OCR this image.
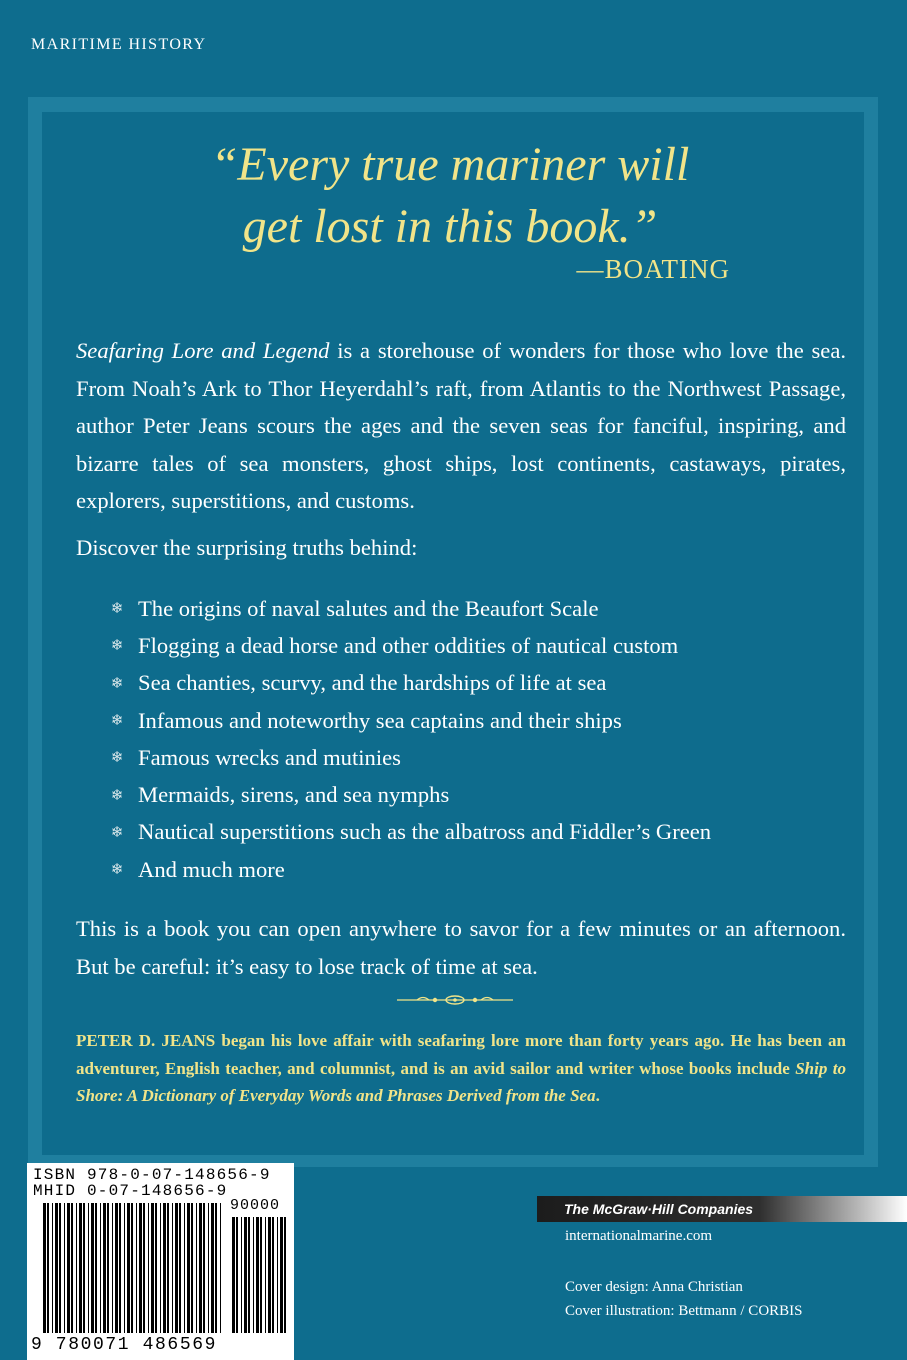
MARITIME HISTORY
“Every true mariner will
get lost in this book.”
—BOATING
Seafaring Lore and Legend is a storehouse of wonders for those who love the sea. From Noah’s Ark to Thor Heyerdahl’s raft, from Atlantis to the Northwest Passage, author Peter Jeans scours the ages and the seven seas for fanciful, inspiring, and bizarre tales of sea monsters, ghost ships, lost continents, castaways, pirates, explorers, superstitions, and customs.
Discover the surprising truths behind:
❄ The origins of naval salutes and the Beaufort Scale
❄ Flogging a dead horse and other oddities of nautical custom
❄ Sea chanties, scurvy, and the hardships of life at sea
❄ Infamous and noteworthy sea captains and their ships
❄ Famous wrecks and mutinies
❄ Mermaids, sirens, and sea nymphs
❄ Nautical superstitions such as the albatross and Fiddler’s Green
❄ And much more
This is a book you can open anywhere to savor for a few minutes or an afternoon. But be careful: it’s easy to lose track of time at sea.
PETER D. JEANS began his love affair with seafaring lore more than forty years ago. He has been an adventurer, English teacher, and columnist, and is an avid sailor and writer whose books include Ship to Shore: A Dictionary of Everyday Words and Phrases Derived from the Sea.
ISBN 978-0-07-148656-9
MHID 0-07-148656-9
90000
9 780071 486569
The McGraw·Hill Companies
internationalmarine.com
Cover design: Anna Christian
Cover illustration: Bettmann / CORBIS
